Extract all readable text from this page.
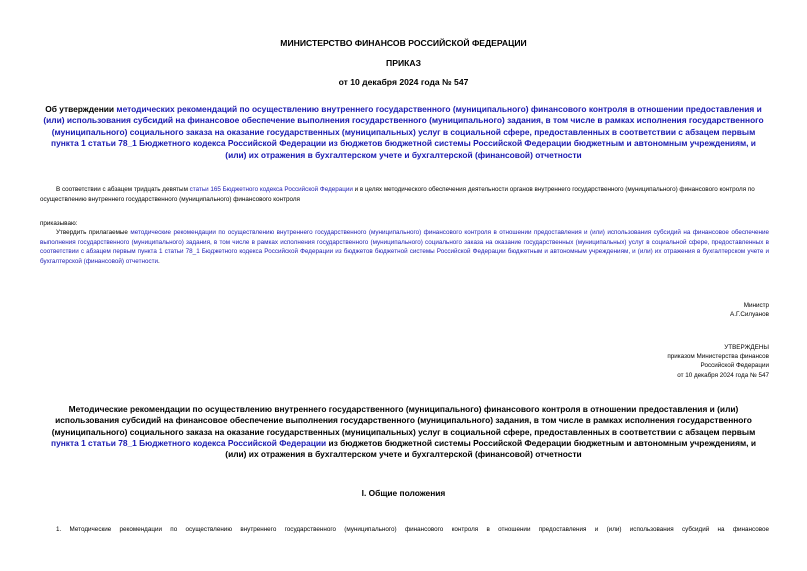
МИНИСТЕРСТВО ФИНАНСОВ РОССИЙСКОЙ ФЕДЕРАЦИИ
ПРИКАЗ
от 10 декабря 2024 года № 547
Об утверждении методических рекомендаций по осуществлению внутреннего государственного (муниципального) финансового контроля в отношении предоставления и (или) использования субсидий на финансовое обеспечение выполнения государственного (муниципального) задания, в том числе в рамках исполнения государственного (муниципального) социального заказа на оказание государственных (муниципальных) услуг в социальной сфере, предоставленных в соответствии с абзацем первым пункта 1 статьи 78_1 Бюджетного кодекса Российской Федерации из бюджетов бюджетной системы Российской Федерации бюджетным и автономным учреждениям, и (или) их отражения в бухгалтерском учете и бухгалтерской (финансовой) отчетности
В соответствии с абзацем тридцать девятым статьи 165 Бюджетного кодекса Российской Федерации и в целях методического обеспечения деятельности органов внутреннего государственного (муниципального) финансового контроля по осуществлению внутреннего государственного (муниципального) финансового контроля
приказываю:
Утвердить прилагаемые методические рекомендации по осуществлению внутреннего государственного (муниципального) финансового контроля в отношении предоставления и (или) использования субсидий на финансовое обеспечение выполнения государственного (муниципального) задания, в том числе в рамках исполнения государственного (муниципального) социального заказа на оказание государственных (муниципальных) услуг в социальной сфере, предоставленных в соответствии с абзацем первым пункта 1 статьи 78_1 Бюджетного кодекса Российской Федерации из бюджетов бюджетной системы Российской Федерации бюджетным и автономным учреждениям, и (или) их отражения в бухгалтерском учете и бухгалтерской (финансовой) отчетности.
Министр
А.Г.Силуанов
УТВЕРЖДЕНЫ
приказом Министерства финансов
Российской Федерации
от 10 декабря 2024 года № 547
Методические рекомендации по осуществлению внутреннего государственного (муниципального) финансового контроля в отношении предоставления и (или) использования субсидий на финансовое обеспечение выполнения государственного (муниципального) задания, в том числе в рамках исполнения государственного (муниципального) социального заказа на оказание государственных (муниципальных) услуг в социальной сфере, предоставленных в соответствии с абзацем первым пункта 1 статьи 78_1 Бюджетного кодекса Российской Федерации из бюджетов бюджетной системы Российской Федерации бюджетным и автономным учреждениям, и (или) их отражения в бухгалтерском учете и бухгалтерской (финансовой) отчетности
I. Общие положения
1. Методические рекомендации по осуществлению внутреннего государственного (муниципального) финансового контроля в отношении предоставления и (или) использования субсидий на финансовое
